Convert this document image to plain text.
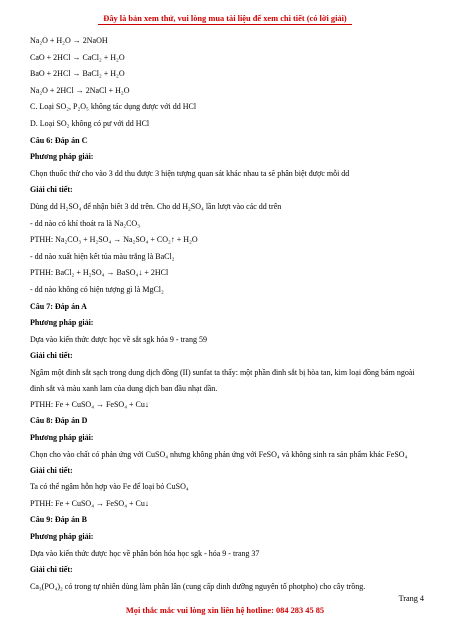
Đây là bản xem thử, vui lòng mua tài liệu để xem chi tiết (có lời giải)
Na₂O + H₂O → 2NaOH
CaO + 2HCl → CaCl₂ + H₂O
BaO + 2HCl → BaCl₂ + H₂O
Na₂O + 2HCl → 2NaCl + H₂O
C. Loại SO₂, P₂O₅ không tác dụng được với dd HCl
D. Loại SO₂ không có pư với dd HCl
Câu 6: Đáp án C
Phương pháp giải:
Chọn thuốc thử cho vào 3 dd thu được 3 hiện tượng quan sát khác nhau ta sẽ phân biệt được mỗi dd
Giải chi tiết:
Dùng dd H₂SO₄ để nhận biết 3 dd trên. Cho dd H₂SO₄ lần lượt vào các dd trên
- dd nào có khí thoát ra là Na₂CO₃
PTHH: Na₂CO₃ + H₂SO₄ → Na₂SO₄ + CO₂↑ + H₂O
- dd nào xuất hiện kết tủa màu trắng là BaCl₂
PTHH: BaCl₂ + H₂SO₄ → BaSO₄↓ + 2HCl
- dd nào không có hiện tượng gì là MgCl₂
Câu 7: Đáp án A
Phương pháp giải:
Dựa vào kiến thức được học về sắt sgk hóa 9 - trang 59
Giải chi tiết:
Ngâm một đinh sắt sạch trong dung dịch đồng (II) sunfat ta thấy: một phần đinh sắt bị hòa tan, kim loại đồng bám ngoài đinh sắt và màu xanh lam của dung dịch ban đầu nhạt dần.
PTHH: Fe + CuSO₄ → FeSO₄ + Cu↓
Câu 8: Đáp án D
Phương pháp giải:
Chọn cho vào chất có phản ứng với CuSO₄ nhưng không phản ứng với FeSO₄ và không sinh ra sản phẩm khác FeSO₄
Giải chi tiết:
Ta có thể ngâm hỗn hợp vào Fe để loại bỏ CuSO₄
PTHH: Fe + CuSO₄ → FeSO₄ + Cu↓
Câu 9: Đáp án B
Phương pháp giải:
Dựa vào kiến thức được học về phân bón hóa học sgk - hóa 9 - trang 37
Giải chi tiết:
Ca₃(PO₄)₂ có trong tự nhiên dùng làm phân lân (cung cấp dinh dưỡng nguyên tố photpho) cho cây trồng.
Trang 4
Mọi thắc mắc vui lòng xin liên hệ hotline: 084 283 45 85
